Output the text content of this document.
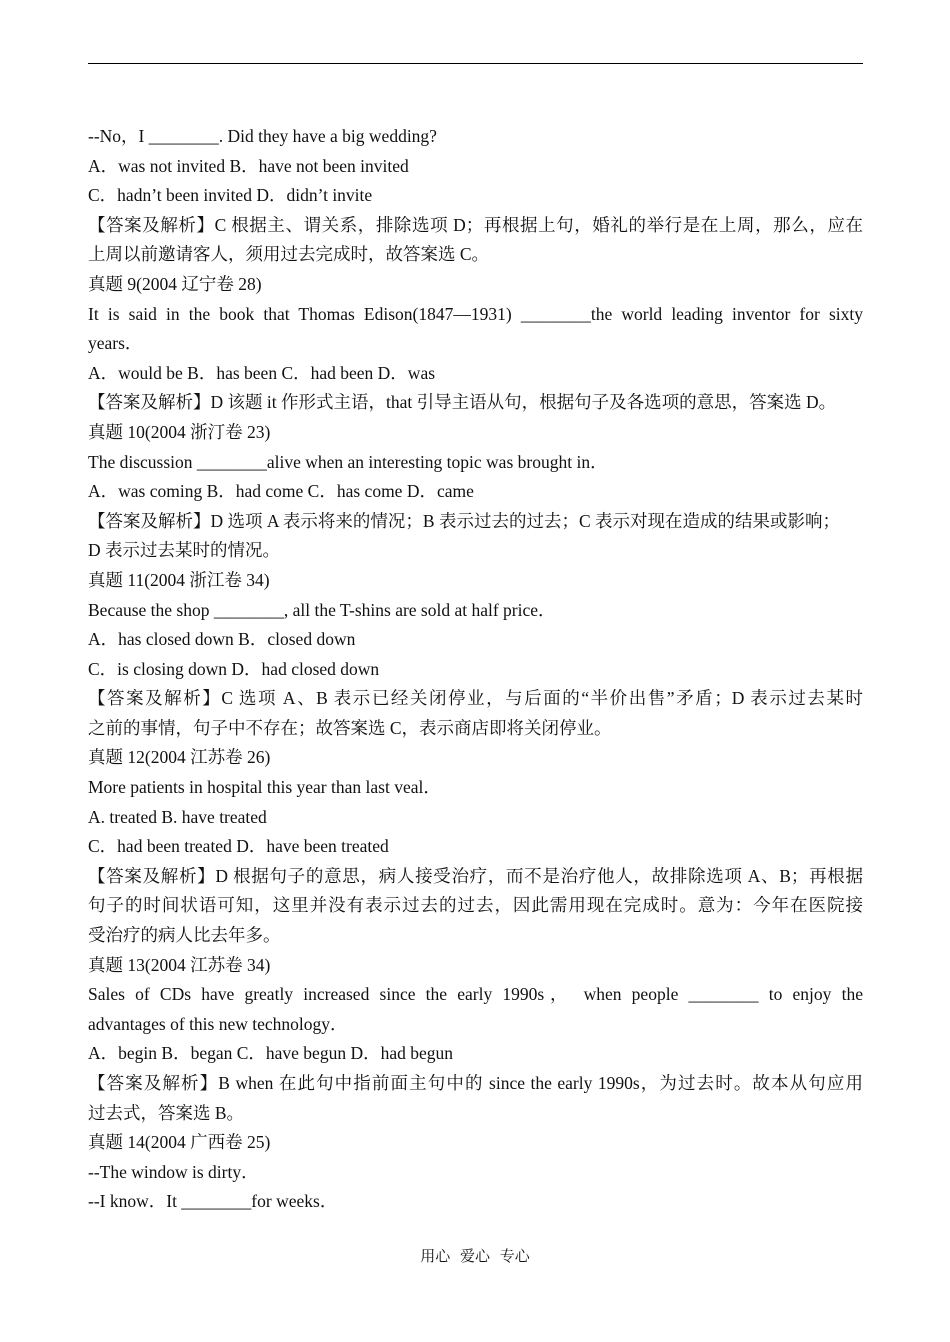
--No，I ________. Did they have a big wedding?
A．was not invited B．have not been invited
C．hadn’t been invited D．didn’t invite
【答案及解析】C 根据主、谓关系，排除选项 D；再根据上句，婚礼的举行是在上周，那么，应在
上周以前邀请客人，须用过去完成时，故答案选 C。
真题 9(2004 辽宁卷 28)
It is said in the book that Thomas Edison(1847—1931) ________the world leading inventor for sixty
years．
A．would be B．has been C．had been D．was
【答案及解析】D 该题 it 作形式主语，that 引导主语从句，根据句子及各选项的意思，答案选 D。
真题 10(2004 浙汀卷 23)
The discussion ________alive when an interesting topic was brought in．
A．was coming B．had come C．has come D．came
【答案及解析】D 选项 A 表示将来的情况；B 表示过去的过去；C 表示对现在造成的结果或影响；
D 表示过去某时的情况。
真题 11(2004 浙江卷 34)
Because the shop ________, all the T-shins are sold at half price．
A．has closed down B．closed down
C．is closing down D．had closed down
【答案及解析】C 选项 A、B 表示已经关闭停业，与后面的“半价出售”矛盾；D 表示过去某时
之前的事情，句子中不存在；故答案选 C，表示商店即将关闭停业。
真题 12(2004 江苏卷 26)
More patients in hospital this year than last veal．
A. treated B. have treated
C．had been treated D．have been treated
【答案及解析】D 根据句子的意思，病人接受治疗，而不是治疗他人，故排除选项 A、B；再根据
句子的时间状语可知，这里并没有表示过去的过去，因此需用现在完成时。意为：今年在医院接
受治疗的病人比去年多。
真题 13(2004 江苏卷 34)
Sales of CDs have greatly increased since the early 1990s， when people ________ to enjoy the
advantages of this new technology．
A．begin B．began C．have begun D．had begun
【答案及解析】B when 在此句中指前面主句中的 since the early 1990s，为过去时。故本从句应用
过去式，答案选 B。
真题 14(2004 广西卷 25)
--The window is dirty．
--I know．It ________for weeks．
用心 爱心 专心
